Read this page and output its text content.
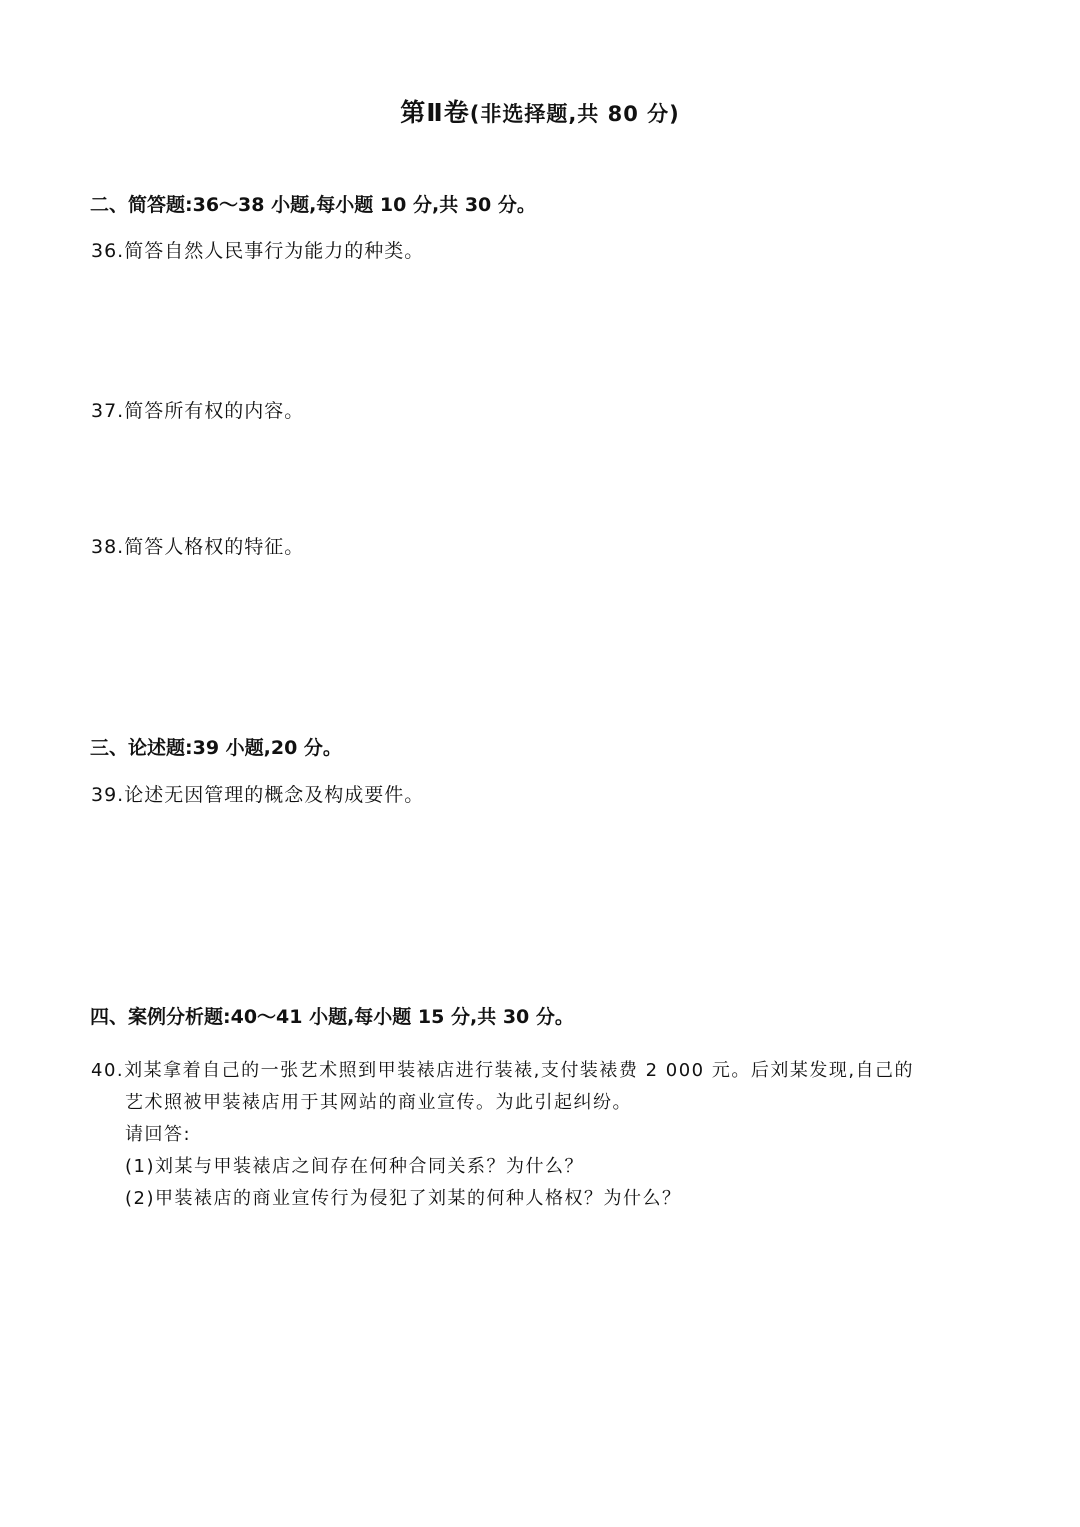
第Ⅱ卷(非选择题,共 80 分)
二、简答题:36～38 小题,每小题 10 分,共 30 分。
36.简答自然人民事行为能力的种类。
37.简答所有权的内容。
38.简答人格权的特征。
三、论述题:39 小题,20 分。
39.论述无因管理的概念及构成要件。
四、案例分析题:40～41 小题,每小题 15 分,共 30 分。
40.刘某拿着自己的一张艺术照到甲装裱店进行装裱,支付装裱费 2 000 元。后刘某发现,自己的
艺术照被甲装裱店用于其网站的商业宣传。为此引起纠纷。
请回答:
(1)刘某与甲装裱店之间存在何种合同关系？为什么？
(2)甲装裱店的商业宣传行为侵犯了刘某的何种人格权？为什么？
